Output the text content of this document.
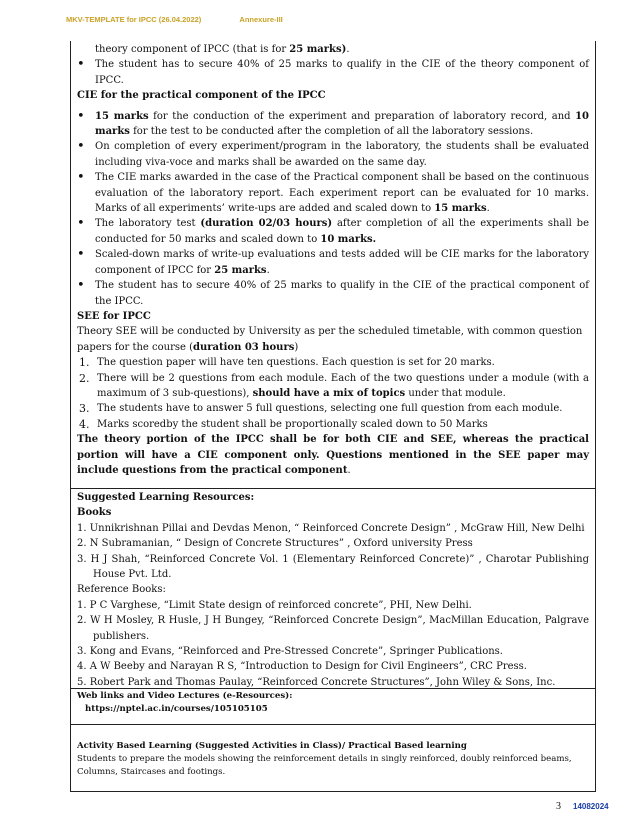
MKV-TEMPLATE for IPCC (26.04.2022)	Annexure-III

theory component of IPCC (that is for 25 marks).

• The student has to secure 40% of 25 marks to qualify in the CIE of the theory component of IPCC.

CIE for the practical component of the IPCC

• 15 marks for the conduction of the experiment and preparation of laboratory record, and 10 marks for the test to be conducted after the completion of all the laboratory sessions.

• On completion of every experiment/program in the laboratory, the students shall be evaluated including viva-voce and marks shall be awarded on the same day.

• The CIE marks awarded in the case of the Practical component shall be based on the continuous evaluation of the laboratory report. Each experiment report can be evaluated for 10 marks. Marks of all experiments’ write-ups are added and scaled down to 15 marks.

• The laboratory test (duration 02/03 hours) after completion of all the experiments shall be conducted for 50 marks and scaled down to 10 marks.

• Scaled-down marks of write-up evaluations and tests added will be CIE marks for the laboratory component of IPCC for 25 marks.

• The student has to secure 40% of 25 marks to qualify in the CIE of the practical component of the IPCC.

SEE for IPCC

Theory SEE will be conducted by University as per the scheduled timetable, with common question papers for the course (duration 03 hours)

1. The question paper will have ten questions. Each question is set for 20 marks.

2. There will be 2 questions from each module. Each of the two questions under a module (with a maximum of 3 sub-questions), should have a mix of topics under that module.

3. The students have to answer 5 full questions, selecting one full question from each module.

4. Marks scoredby the student shall be proportionally scaled down to 50 Marks

The theory portion of the IPCC shall be for both CIE and SEE, whereas the practical portion will have a CIE component only. Questions mentioned in the SEE paper may include questions from the practical component.

Suggested Learning Resources:

Books

1. Unnikrishnan Pillai and Devdas Menon, “ Reinforced Concrete Design” , McGraw Hill, New Delhi

2. N Subramanian, “ Design of Concrete Structures” , Oxford university Press

3. H J Shah, “Reinforced Concrete Vol. 1 (Elementary Reinforced Concrete)” , Charotar Publishing House Pvt. Ltd.

Reference Books:

1. P C Varghese, “Limit State design of reinforced concrete”, PHI, New Delhi.

2. W H Mosley, R Husle, J H Bungey, “Reinforced Concrete Design”, MacMillan Education, Palgrave publishers.

3. Kong and Evans, “Reinforced and Pre-Stressed Concrete”, Springer Publications.

4. A W Beeby and Narayan R S, “Introduction to Design for Civil Engineers”, CRC Press.

5. Robert Park and Thomas Paulay, “Reinforced Concrete Structures”, John Wiley & Sons, Inc.

Web links and Video Lectures (e-Resources):

https://nptel.ac.in/courses/105105105

Activity Based Learning (Suggested Activities in Class)/ Practical Based learning

Students to prepare the models showing the reinforcement details in singly reinforced, doubly reinforced beams, Columns, Staircases and footings.

3 14082024
